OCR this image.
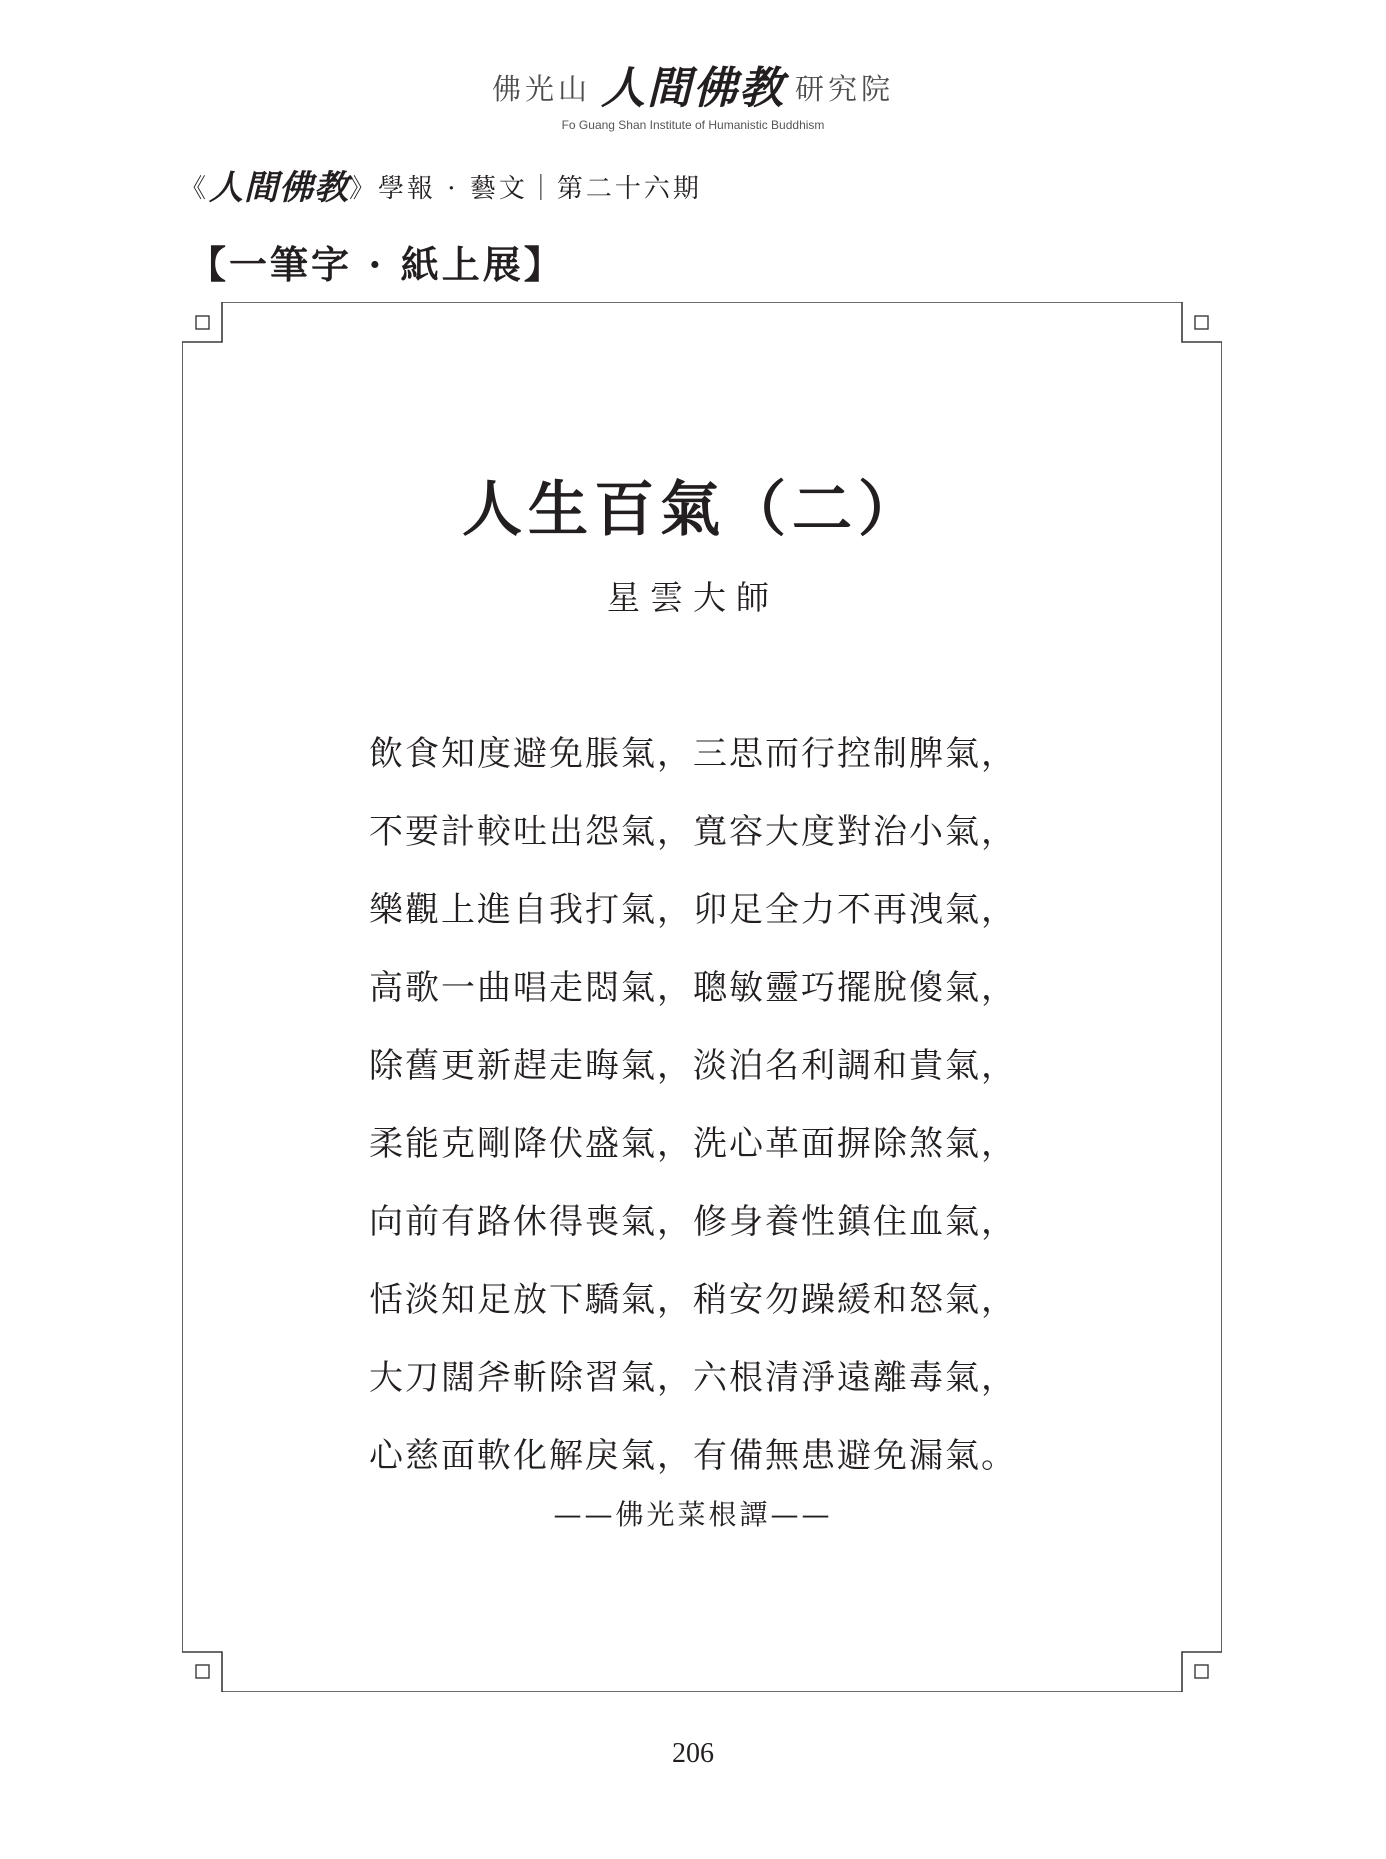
佛光山 人間佛教 研究院
Fo Guang Shan Institute of Humanistic Buddhism
《人間佛教》學報 · 藝文｜第二十六期
【一筆字 · 紙上展】
人生百氣（二）
星雲大師
飲食知度避免脹氣，三思而行控制脾氣，
不要計較吐出怨氣，寬容大度對治小氣，
樂觀上進自我打氣，卯足全力不再洩氣，
高歌一曲唱走悶氣，聰敏靈巧擺脫傻氣，
除舊更新趕走晦氣，淡泊名利調和貴氣，
柔能克剛降伏盛氣，洗心革面摒除煞氣，
向前有路休得喪氣，修身養性鎮住血氣，
恬淡知足放下驕氣，稍安勿躁緩和怒氣，
大刀闊斧斬除習氣，六根清淨遠離毒氣，
心慈面軟化解戾氣，有備無患避免漏氣。
——佛光菜根譚——
206
